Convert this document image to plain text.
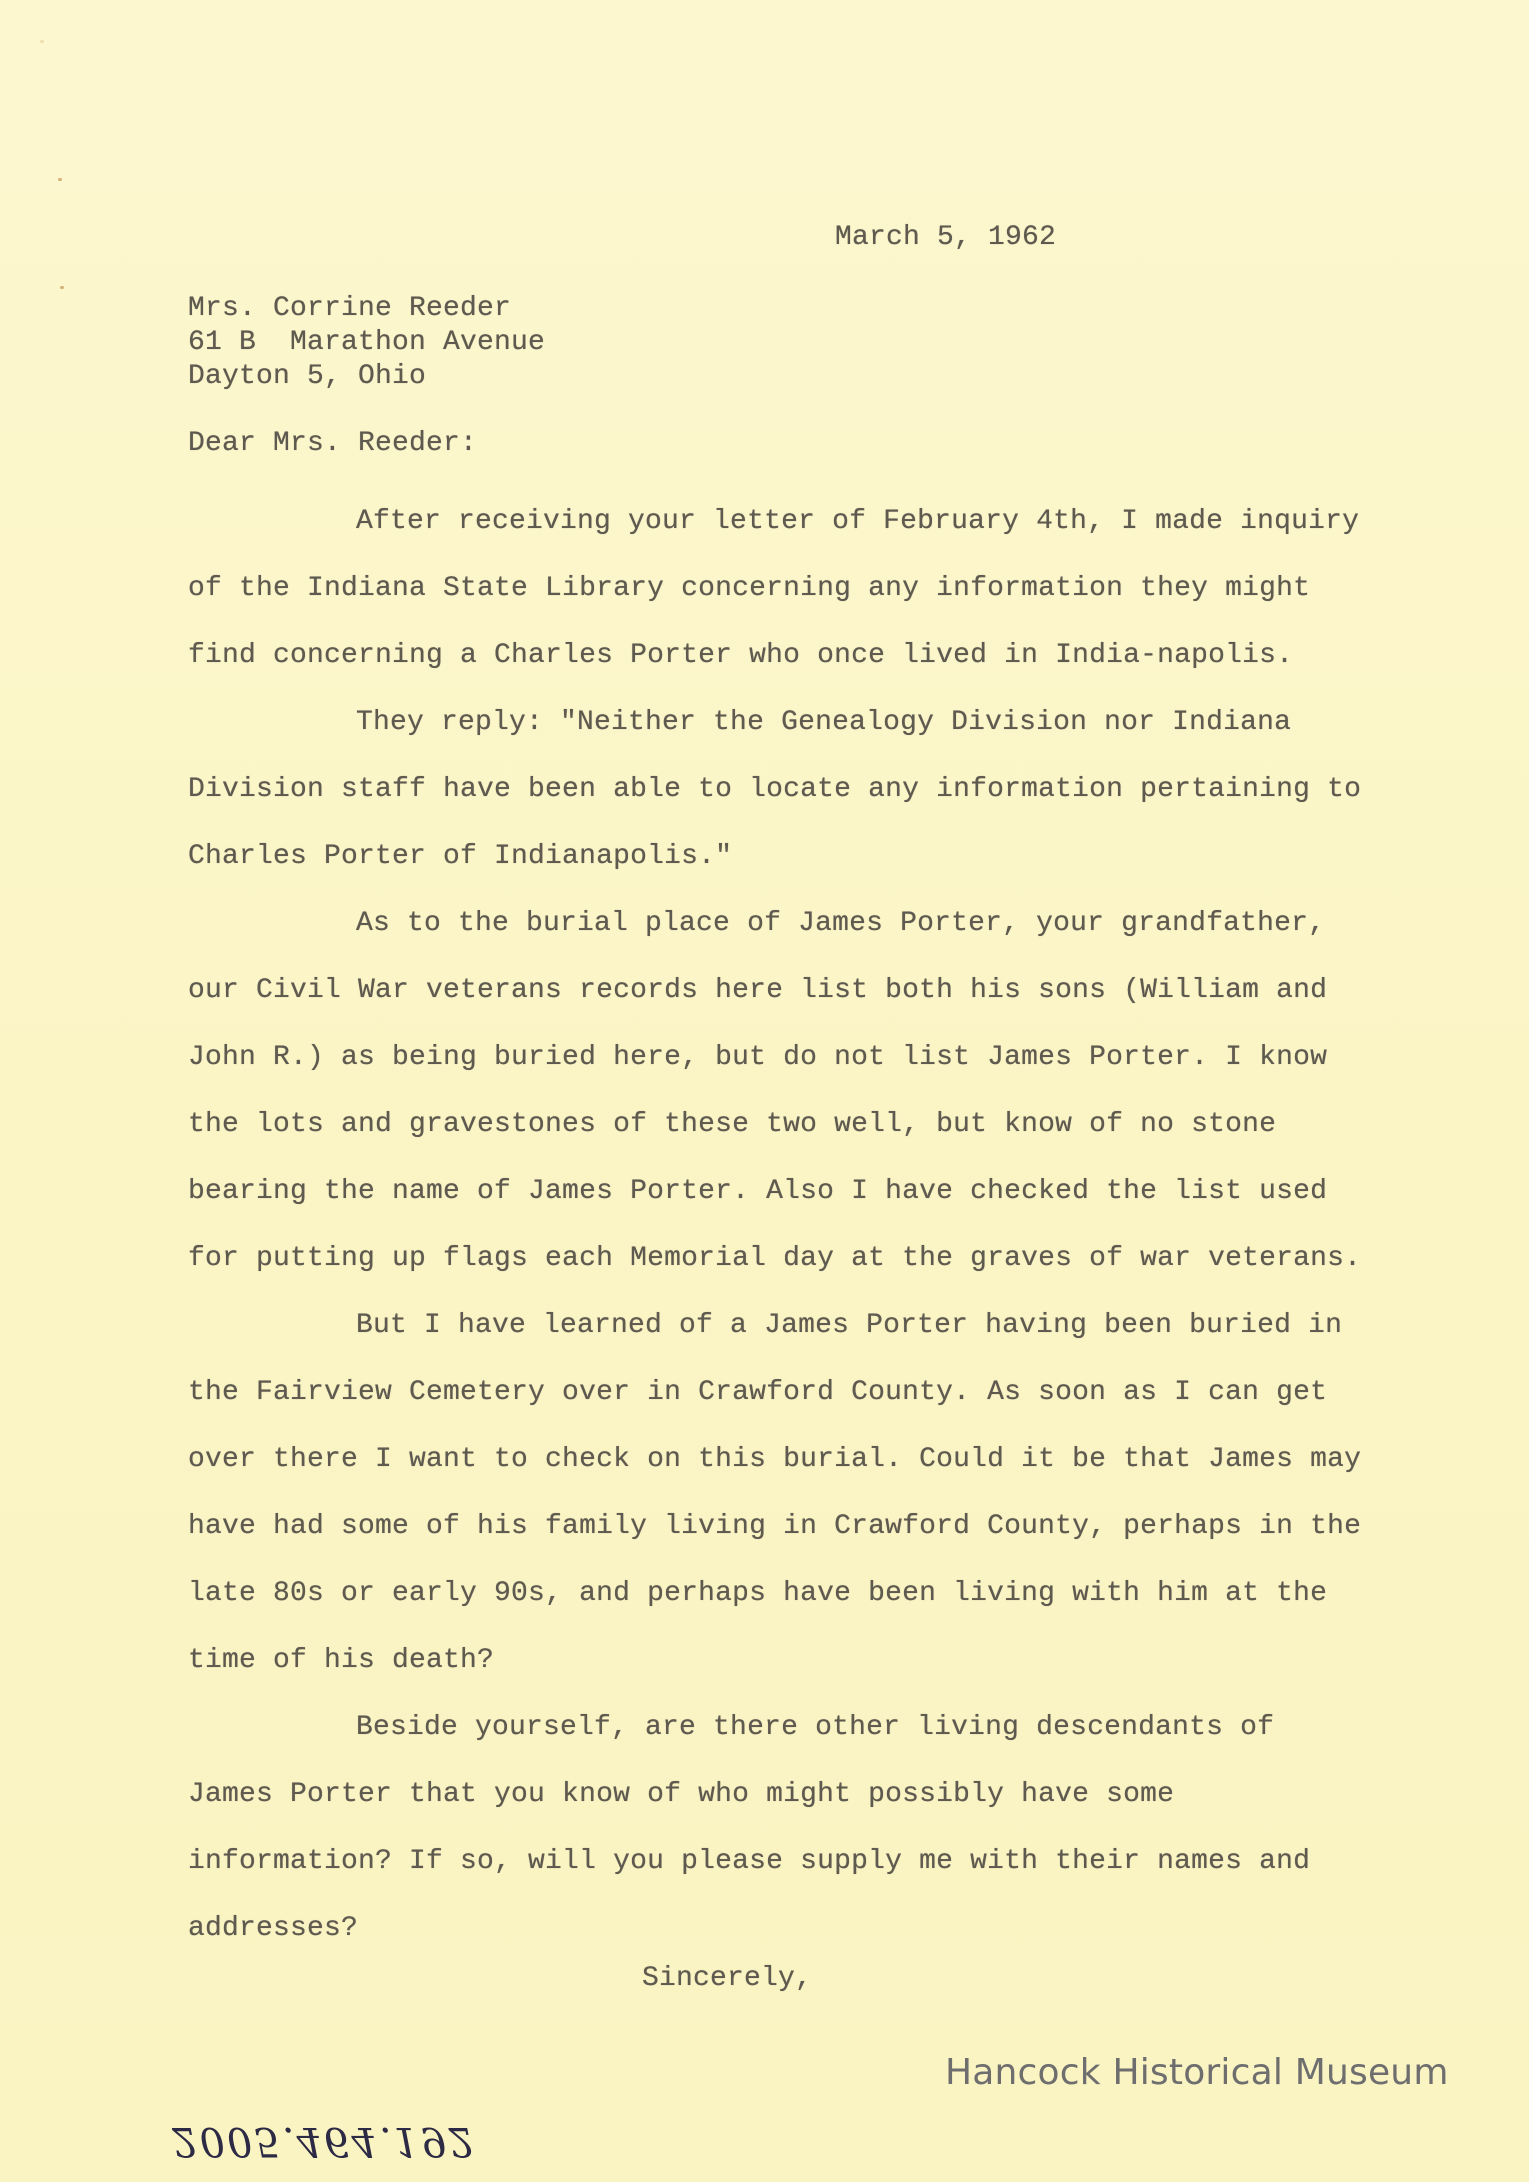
March 5, 1962
Mrs. Corrine Reeder
61 B  Marathon Avenue
Dayton 5, Ohio
Dear Mrs. Reeder:

After receiving your letter of February 4th, I made inquiry of the Indiana State Library concerning any information they might find concerning a Charles Porter who once lived in India-napolis.

They reply: "Neither the Genealogy Division nor Indiana Division staff have been able to locate any information pertaining to Charles Porter of Indianapolis."

As to the burial place of James Porter, your grandfather, our Civil War veterans records here list both his sons (William and John R.) as being buried here, but do not list James Porter. I know the lots and gravestones of these two well, but know of no stone bearing the name of James Porter. Also I have checked the list used for putting up flags each Memorial day at the graves of war veterans.

But I have learned of a James Porter having been buried in the Fairview Cemetery over in Crawford County. As soon as I can get over there I want to check on this burial. Could it be that James may have had some of his family living in Crawford County, perhaps in the late 80s or early 90s, and perhaps have been living with him at the time of his death?

Beside yourself, are there other living descendants of James Porter that you know of who might possibly have some information? If so, will you please supply me with their names and addresses?

Sincerely,
Hancock Historical Museum
2005.464.192
